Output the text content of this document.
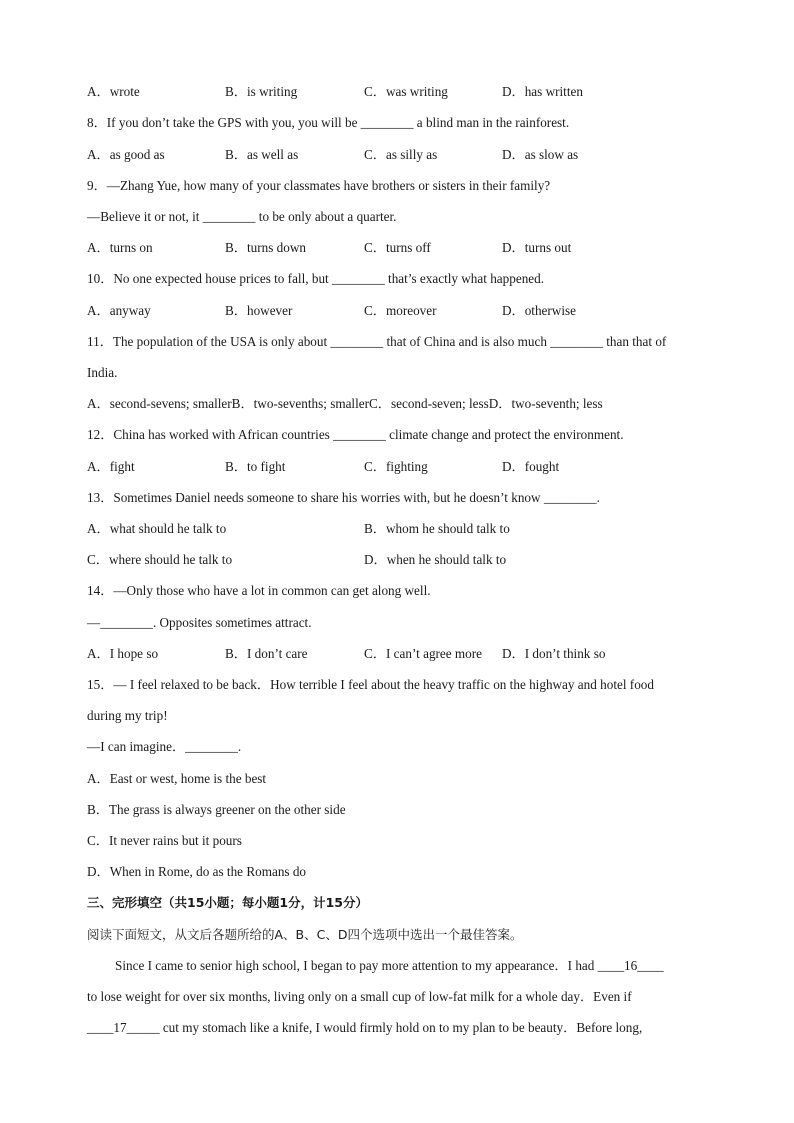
A．wrote	B．is writing	C．was writing	D．has written
8．If you don’t take the GPS with you, you will be ________ a blind man in the rainforest.
A．as good as	B．as well as	C．as silly as	D．as slow as
9．—Zhang Yue, how many of your classmates have brothers or sisters in their family?
—Believe it or not, it ________ to be only about a quarter.
A．turns on	B．turns down	C．turns off	D．turns out
10．No one expected house prices to fall, but ________ that’s exactly what happened.
A．anyway	B．however	C．moreover	D．otherwise
11．The population of the USA is only about ________ that of China and is also much ________ than that of
India.
A．second-sevens; smallerB．two-sevenths; smallerC．second-seven; lessD．two-seventh; less
12．China has worked with African countries ________ climate change and protect the environment.
A．fight	B．to fight	C．fighting	D．fought
13．Sometimes Daniel needs someone to share his worries with, but he doesn’t know ________.
A．what should he talk to	B．whom he should talk to
C．where should he talk to	D．when he should talk to
14．—Only those who have a lot in common can get along well.
—________. Opposites sometimes attract.
A．I hope so	B．I don’t care	C．I can’t agree more D．I don’t think so
15．— I feel relaxed to be back．How terrible I feel about the heavy traffic on the highway and hotel food
during my trip!
—I can imagine．________.
A．East or west, home is the best
B．The grass is always greener on the other side
C．It never rains but it pours
D．When in Rome, do as the Romans do
三、完形填空（共15小题；每小题1分，计15分）
阅读下面短文，从文后各题所给的A、B、C、D四个选项中选出一个最佳答案。
Since I came to senior high school, I began to pay more attention to my appearance．I had ____16____
to lose weight for over six months, living only on a small cup of low-fat milk for a whole day．Even if
____17_____ cut my stomach like a knife, I would firmly hold on to my plan to be beauty．Before long,
